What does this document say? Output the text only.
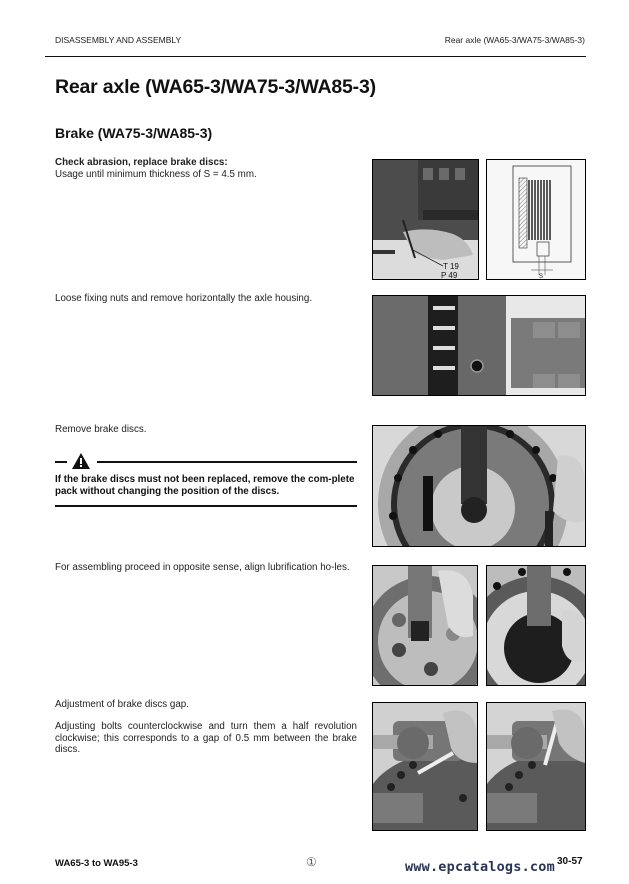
DISASSEMBLY AND ASSEMBLY	Rear axle (WA65-3/WA75-3/WA85-3)
Rear axle (WA65-3/WA75-3/WA85-3)
Brake (WA75-3/WA85-3)
Check abrasion, replace brake discs:
Usage until minimum thickness of S = 4.5 mm.
T 19
P 49	S
Loose fixing nuts and remove horizontally the axle housing.
Remove brake discs.
If the brake discs must not been replaced, remove the com-plete pack without changing the position of the discs.
For assembling proceed in opposite sense, align lubrification ho-les.
Adjustment of brake discs gap.
Adjusting bolts counterclockwise and turn them a half revolution clockwise; this corresponds to a gap of 0.5 mm between the brake discs.
WA65-3 to WA95-3	①	www.epcatalogs.com 30-57
